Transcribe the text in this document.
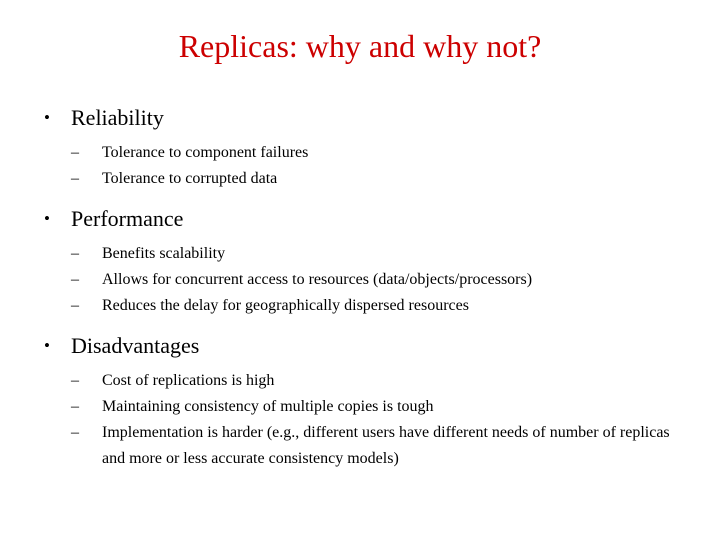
Replicas: why and why not?
• Reliability
– Tolerance to component failures
– Tolerance to corrupted data
• Performance
– Benefits scalability
– Allows for concurrent access to resources (data/objects/processors)
– Reduces the delay for geographically dispersed resources
• Disadvantages
– Cost of replications is high
– Maintaining consistency of multiple copies is tough
– Implementation is harder (e.g., different users have different needs of number of replicas and more or less accurate consistency models)
